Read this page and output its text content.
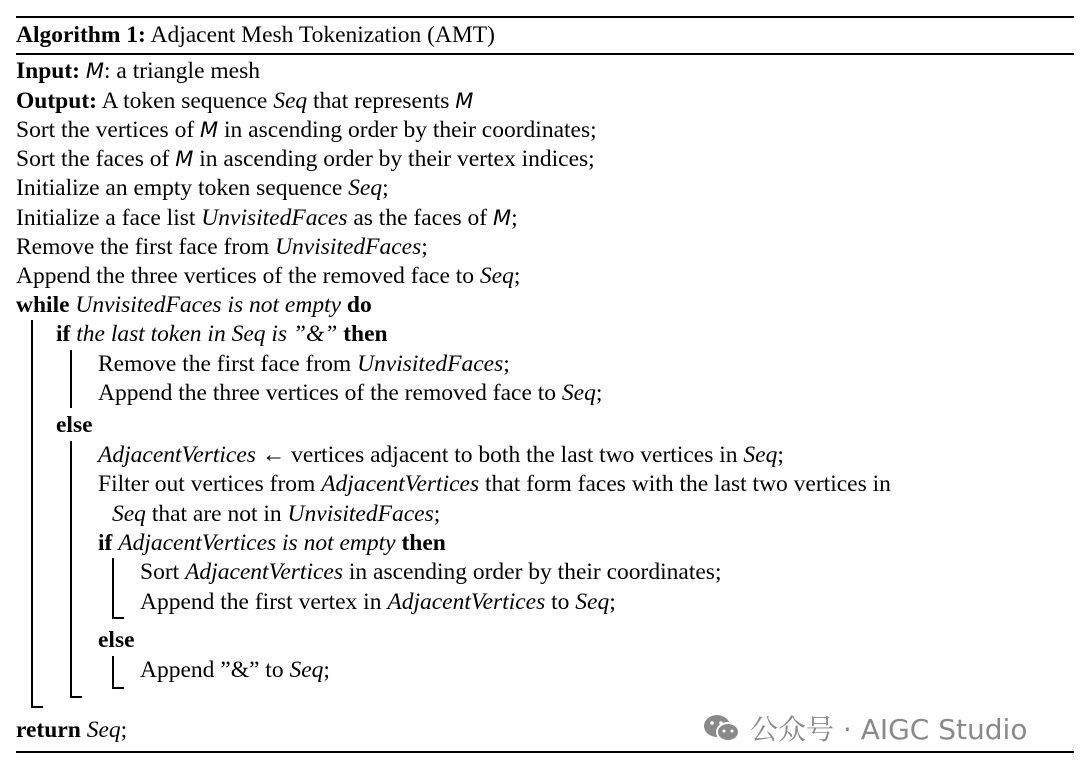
Algorithm 1: Adjacent Mesh Tokenization (AMT)
Input: M: a triangle mesh
Output: A token sequence Seq that represents M
Sort the vertices of M in ascending order by their coordinates;
Sort the faces of M in ascending order by their vertex indices;
Initialize an empty token sequence Seq;
Initialize a face list UnvisitedFaces as the faces of M;
Remove the first face from UnvisitedFaces;
Append the three vertices of the removed face to Seq;
while UnvisitedFaces is not empty do
if the last token in Seq is ”&” then
Remove the first face from UnvisitedFaces;
Append the three vertices of the removed face to Seq;
else
AdjacentVertices ← vertices adjacent to both the last two vertices in Seq;
Filter out vertices from AdjacentVertices that form faces with the last two vertices in
Seq that are not in UnvisitedFaces;
if AdjacentVertices is not empty then
Sort AdjacentVertices in ascending order by their coordinates;
Append the first vertex in AdjacentVertices to Seq;
else
Append ”&” to Seq;
return Seq;	公众号 · AIGC Studio
